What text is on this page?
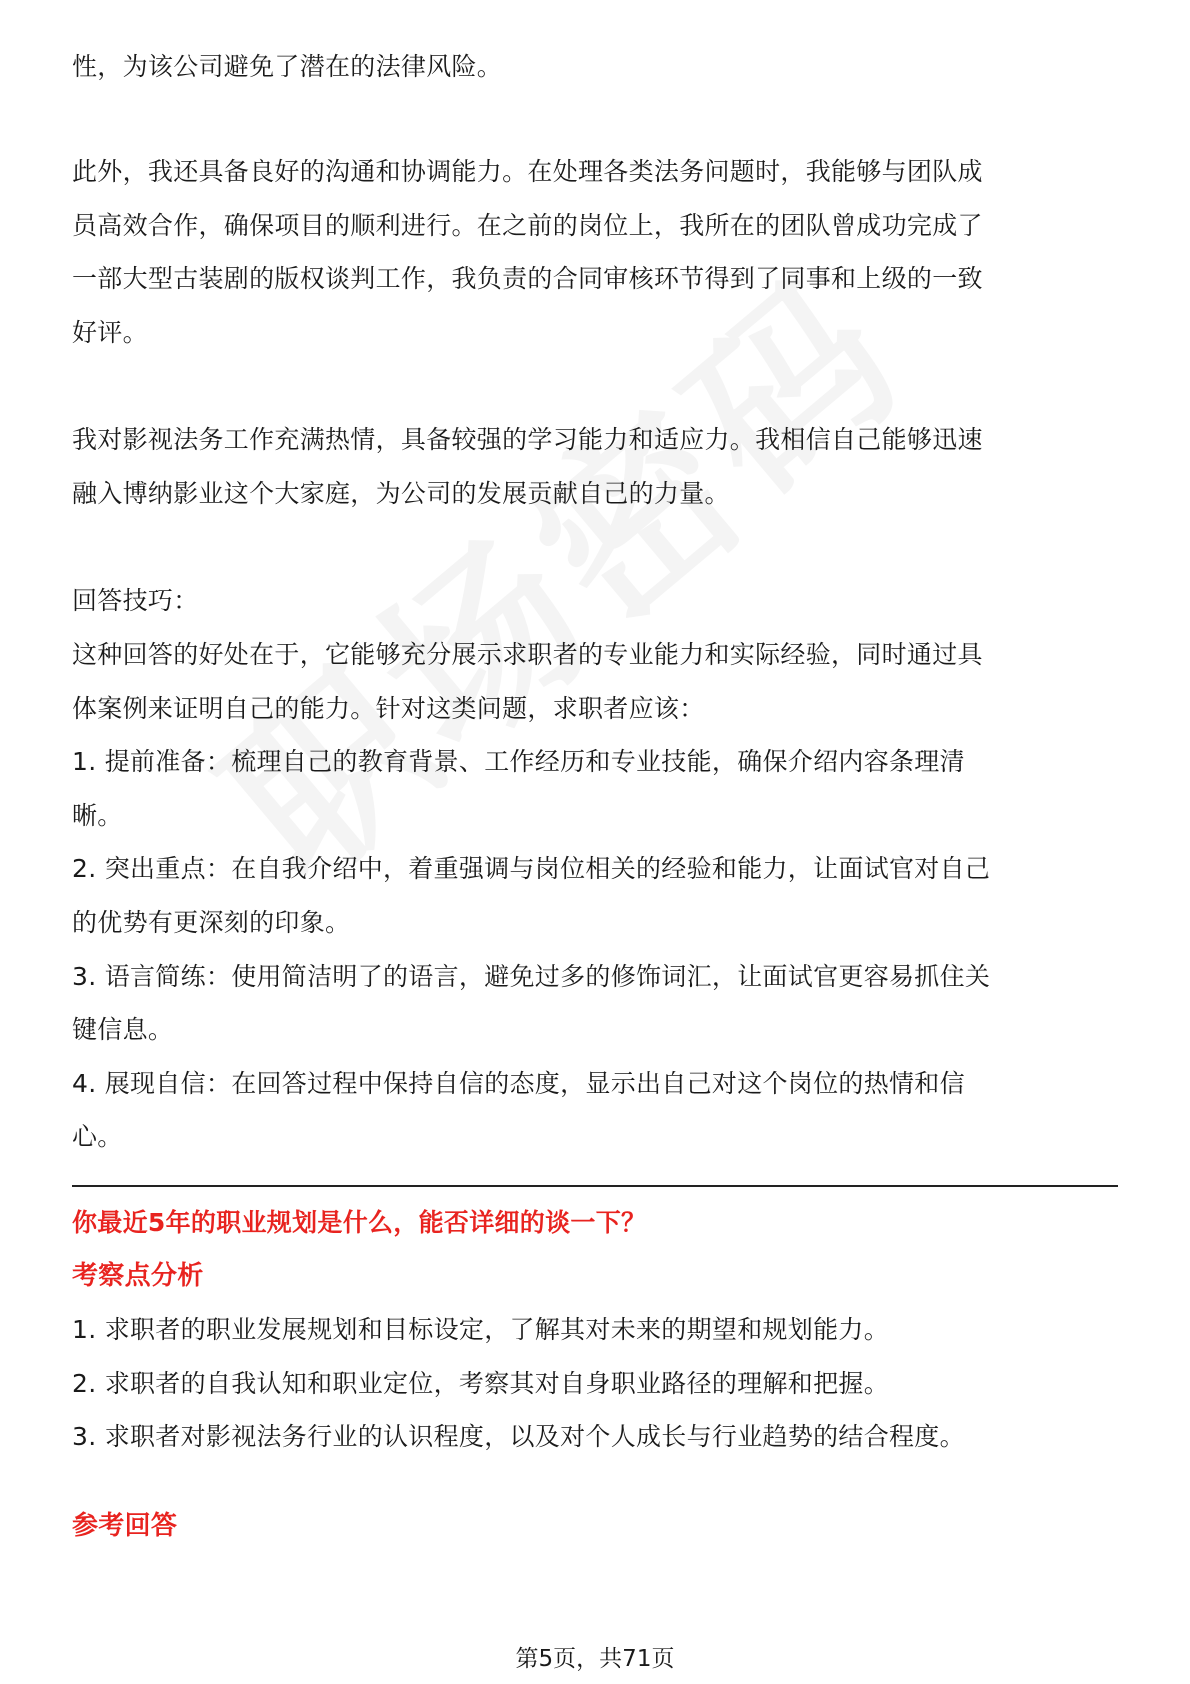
性，为该公司避免了潜在的法律风险。

此外，我还具备良好的沟通和协调能力。在处理各类法务问题时，我能够与团队成

员高效合作，确保项目的顺利进行。在之前的岗位上，我所在的团队曾成功完成了

一部大型古装剧的版权谈判工作，我负责的合同审核环节得到了同事和上级的一致

好评。

我对影视法务工作充满热情，具备较强的学习能力和适应力。我相信自己能够迅速

融入博纳影业这个大家庭，为公司的发展贡献自己的力量。

回答技巧：

这种回答的好处在于，它能够充分展示求职者的专业能力和实际经验，同时通过具

体案例来证明自己的能力。针对这类问题，求职者应该：

1. 提前准备：梳理自己的教育背景、工作经历和专业技能，确保介绍内容条理清

晰。

2. 突出重点：在自我介绍中，着重强调与岗位相关的经验和能力，让面试官对自己

的优势有更深刻的印象。

3. 语言简练：使用简洁明了的语言，避免过多的修饰词汇，让面试官更容易抓住关

键信息。

4. 展现自信：在回答过程中保持自信的态度，显示出自己对这个岗位的热情和信

心。

你最近5年的职业规划是什么，能否详细的谈一下？

考察点分析

1. 求职者的职业发展规划和目标设定，了解其对未来的期望和规划能力。

2. 求职者的自我认知和职业定位，考察其对自身职业路径的理解和把握。

3. 求职者对影视法务行业的认识程度，以及对个人成长与行业趋势的结合程度。

参考回答

第5页，共71页
